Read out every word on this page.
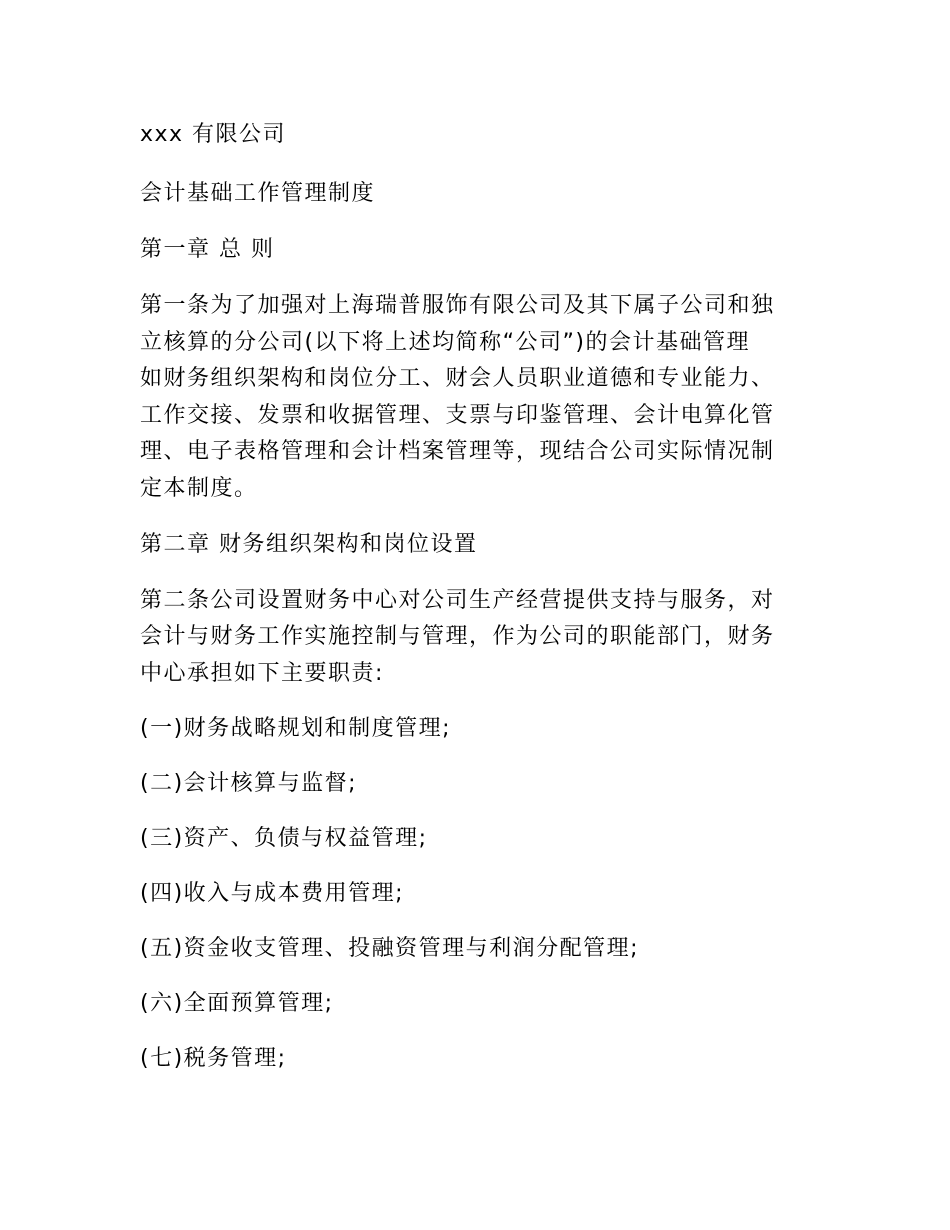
xxx 有限公司
会计基础工作管理制度
第一章 总 则
第一条为了加强对上海瑞普服饰有限公司及其下属子公司和独
立核算的分公司(以下将上述均简称“公司”)的会计基础管理
如财务组织架构和岗位分工、财会人员职业道德和专业能力、
工作交接、发票和收据管理、支票与印鉴管理、会计电算化管
理、电子表格管理和会计档案管理等，现结合公司实际情况制
定本制度。
第二章 财务组织架构和岗位设置
第二条公司设置财务中心对公司生产经营提供支持与服务，对
会计与财务工作实施控制与管理，作为公司的职能部门，财务
中心承担如下主要职责:
(一)财务战略规划和制度管理;
(二)会计核算与监督;
(三)资产、负债与权益管理;
(四)收入与成本费用管理;
(五)资金收支管理、投融资管理与利润分配管理;
(六)全面预算管理;
(七)税务管理;
